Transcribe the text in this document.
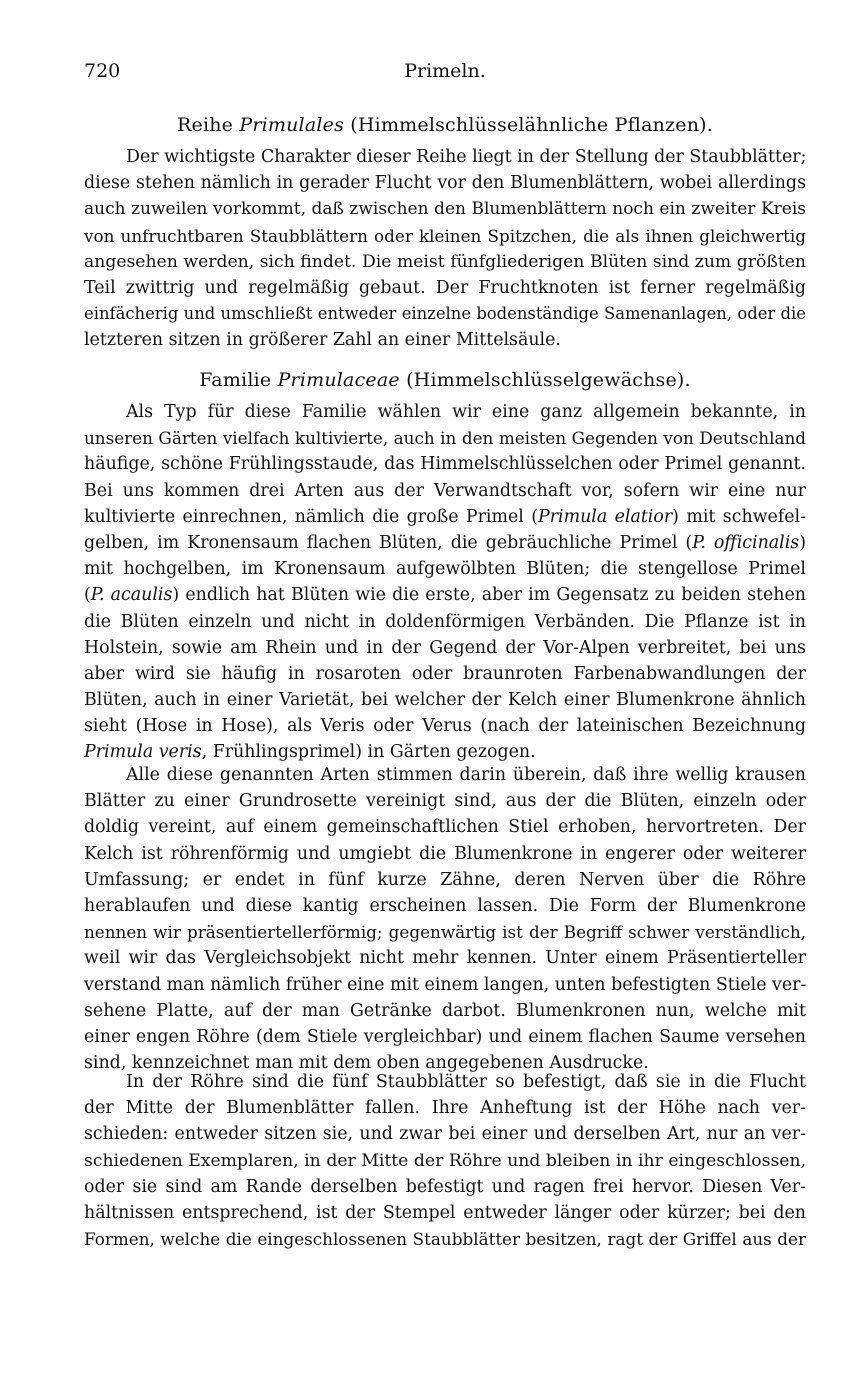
720	Primeln.
Reihe Primulales (Himmelschlüsselähnliche Pflanzen).
Der wichtigste Charakter dieser Reihe liegt in der Stellung der Staubblätter;
diese stehen nämlich in gerader Flucht vor den Blumenblättern, wobei allerdings
auch zuweilen vorkommt, daß zwischen den Blumenblättern noch ein zweiter Kreis
von unfruchtbaren Staubblättern oder kleinen Spitzchen, die als ihnen gleichwertig
angesehen werden, sich findet. Die meist fünfgliederigen Blüten sind zum größten
Teil zwittrig und regelmäßig gebaut. Der Fruchtknoten ist ferner regelmäßig
einfächerig und umschließt entweder einzelne bodenständige Samenanlagen, oder die
letzteren sitzen in größerer Zahl an einer Mittelsäule.
Familie Primulaceae (Himmelschlüsselgewächse).
Als Typ für diese Familie wählen wir eine ganz allgemein bekannte, in
unseren Gärten vielfach kultivierte, auch in den meisten Gegenden von Deutschland
häufige, schöne Frühlingsstaude, das Himmelschlüsselchen oder Primel genannt.
Bei uns kommen drei Arten aus der Verwandtschaft vor, sofern wir eine nur
kultivierte einrechnen, nämlich die große Primel (Primula elatior) mit schwefel-
gelben, im Kronensaum flachen Blüten, die gebräuchliche Primel (P. officinalis)
mit hochgelben, im Kronensaum aufgewölbten Blüten; die stengellose Primel
(P. acaulis) endlich hat Blüten wie die erste, aber im Gegensatz zu beiden stehen
die Blüten einzeln und nicht in doldenförmigen Verbänden. Die Pflanze ist in
Holstein, sowie am Rhein und in der Gegend der Vor-Alpen verbreitet, bei uns
aber wird sie häufig in rosaroten oder braunroten Farbenabwandlungen der
Blüten, auch in einer Varietät, bei welcher der Kelch einer Blumenkrone ähnlich
sieht (Hose in Hose), als Veris oder Verus (nach der lateinischen Bezeichnung
Primula veris, Frühlingsprimel) in Gärten gezogen.
Alle diese genannten Arten stimmen darin überein, daß ihre wellig krausen
Blätter zu einer Grundrosette vereinigt sind, aus der die Blüten, einzeln oder
doldig vereint, auf einem gemeinschaftlichen Stiel erhoben, hervortreten. Der
Kelch ist röhrenförmig und umgiebt die Blumenkrone in engerer oder weiterer
Umfassung; er endet in fünf kurze Zähne, deren Nerven über die Röhre
herablaufen und diese kantig erscheinen lassen. Die Form der Blumenkrone
nennen wir präsentiertellerförmig; gegenwärtig ist der Begriff schwer verständlich,
weil wir das Vergleichsobjekt nicht mehr kennen. Unter einem Präsentierteller
verstand man nämlich früher eine mit einem langen, unten befestigten Stiele ver-
sehene Platte, auf der man Getränke darbot. Blumenkronen nun, welche mit
einer engen Röhre (dem Stiele vergleichbar) und einem flachen Saume versehen
sind, kennzeichnet man mit dem oben angegebenen Ausdrucke.
In der Röhre sind die fünf Staubblätter so befestigt, daß sie in die Flucht
der Mitte der Blumenblätter fallen. Ihre Anheftung ist der Höhe nach ver-
schieden: entweder sitzen sie, und zwar bei einer und derselben Art, nur an ver-
schiedenen Exemplaren, in der Mitte der Röhre und bleiben in ihr eingeschlossen,
oder sie sind am Rande derselben befestigt und ragen frei hervor. Diesen Ver-
hältnissen entsprechend, ist der Stempel entweder länger oder kürzer; bei den
Formen, welche die eingeschlossenen Staubblätter besitzen, ragt der Griffel aus der
